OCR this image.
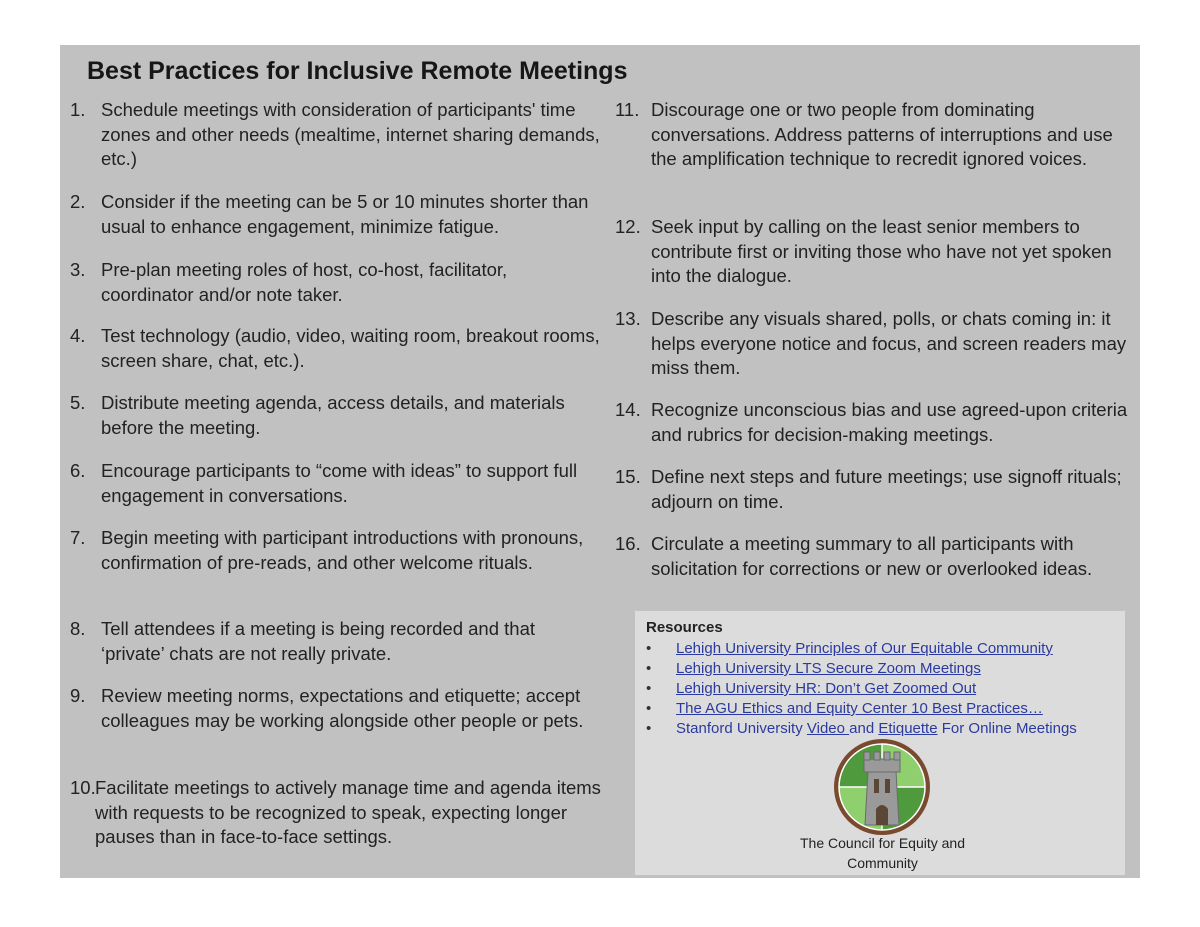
Best Practices for Inclusive Remote Meetings
1. Schedule meetings with consideration of participants' time zones and other needs (mealtime, internet sharing demands, etc.)
2. Consider if the meeting can be 5 or 10 minutes shorter than usual to enhance engagement, minimize fatigue.
3. Pre-plan meeting roles of host, co-host, facilitator, coordinator and/or note taker.
4. Test technology (audio, video, waiting room, breakout rooms, screen share, chat, etc.).
5. Distribute meeting agenda, access details, and materials before the meeting.
6. Encourage participants to “come with ideas” to support full engagement in conversations.
7. Begin meeting with participant introductions with pronouns, confirmation of pre-reads, and other welcome rituals.
8. Tell attendees if a meeting is being recorded and that ‘private’ chats are not really private.
9. Review meeting norms, expectations and etiquette; accept colleagues may be working alongside other people or pets.
10. Facilitate meetings to actively manage time and agenda items with requests to be recognized to speak, expecting longer pauses than in face-to-face settings.
11. Discourage one or two people from dominating conversations. Address patterns of interruptions and use the amplification technique to recredit ignored voices.
12. Seek input by calling on the least senior members to contribute first or inviting those who have not yet spoken into the dialogue.
13. Describe any visuals shared, polls, or chats coming in: it helps everyone notice and focus, and screen readers may miss them.
14. Recognize unconscious bias and use agreed-upon criteria and rubrics for decision-making meetings.
15. Define next steps and future meetings; use signoff rituals; adjourn on time.
16. Circulate a meeting summary to all participants with solicitation for corrections or new or overlooked ideas.
Resources
• Lehigh University Principles of Our Equitable Community
• Lehigh University LTS Secure Zoom Meetings
• Lehigh University HR: Don’t Get Zoomed Out
• The AGU Ethics and Equity Center 10 Best Practices…
• Stanford University Video and Etiquette For Online Meetings
The Council for Equity and
Community
